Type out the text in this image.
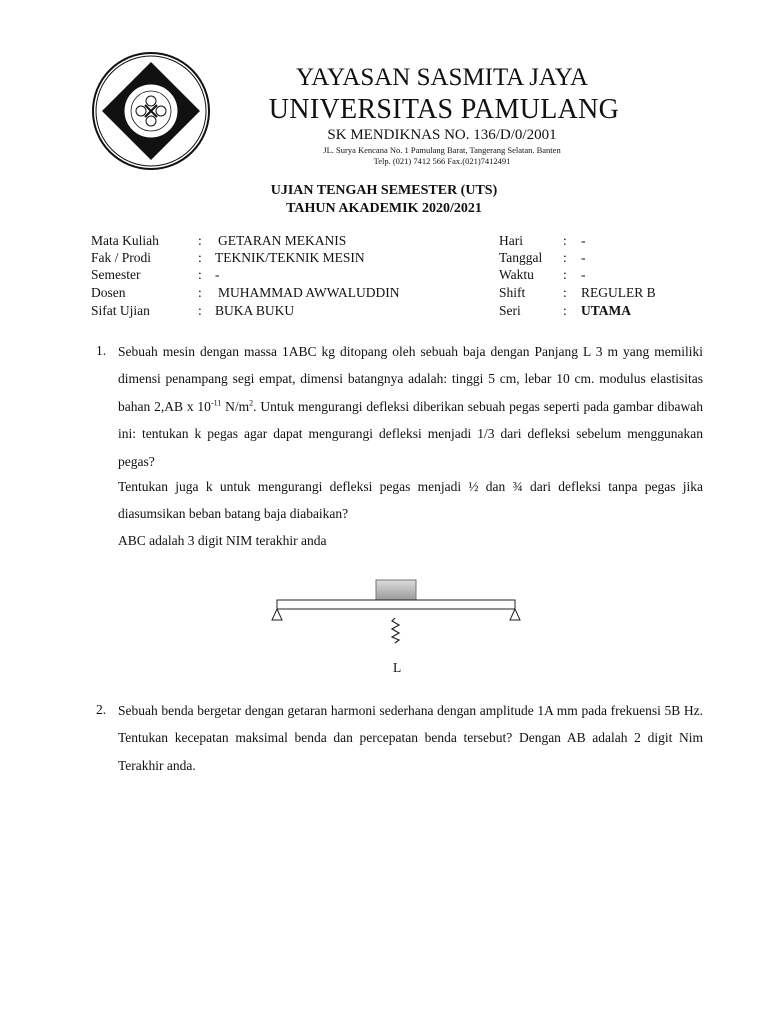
YAYASAN SASMITA JAYA
UNIVERSITAS PAMULANG
SK MENDIKNAS NO. 136/D/0/2001
JL. Surya Kencana No. 1 Pamulang Barat, Tangerang Selatan. Banten
Telp. (021) 7412 566 Fax.(021)7412491
UJIAN TENGAH SEMESTER (UTS)
TAHUN AKADEMIK 2020/2021
Mata Kuliah	: GETARAN MEKANIS
Fak / Prodi	: TEKNIK/TEKNIK MESIN
Semester	: -
Dosen	: MUHAMMAD AWWALUDDIN
Sifat Ujian	: BUKA BUKU
Hari	: -
Tanggal : -
Waktu : -
Shift	: REGULER B
Seri	: UTAMA
1. Sebuah mesin dengan massa 1ABC kg ditopang oleh sebuah baja dengan Panjang L 3 m yang memiliki dimensi penampang segi empat, dimensi batangnya adalah: tinggi 5 cm, lebar 10 cm. modulus elastisitas bahan 2,AB x $10^{-11}$ $N/m^2$. Untuk mengurangi defleksi diberikan sebuah pegas seperti pada gambar dibawah ini: tentukan k pegas agar dapat mengurangi defleksi menjadi 1/3 dari defleksi sebelum menggunakan pegas?
Tentukan juga k untuk mengurangi defleksi pegas menjadi ½ dan ¾ dari defleksi tanpa pegas jika diasumsikan beban batang baja diabaikan?
ABC adalah 3 digit NIM terakhir anda
L
2. Sebuah benda bergetar dengan getaran harmoni sederhana dengan amplitude 1A mm pada frekuensi 5B Hz. Tentukan kecepatan maksimal benda dan percepatan benda tersebut? Dengan AB adalah 2 digit Nim Terakhir anda.
